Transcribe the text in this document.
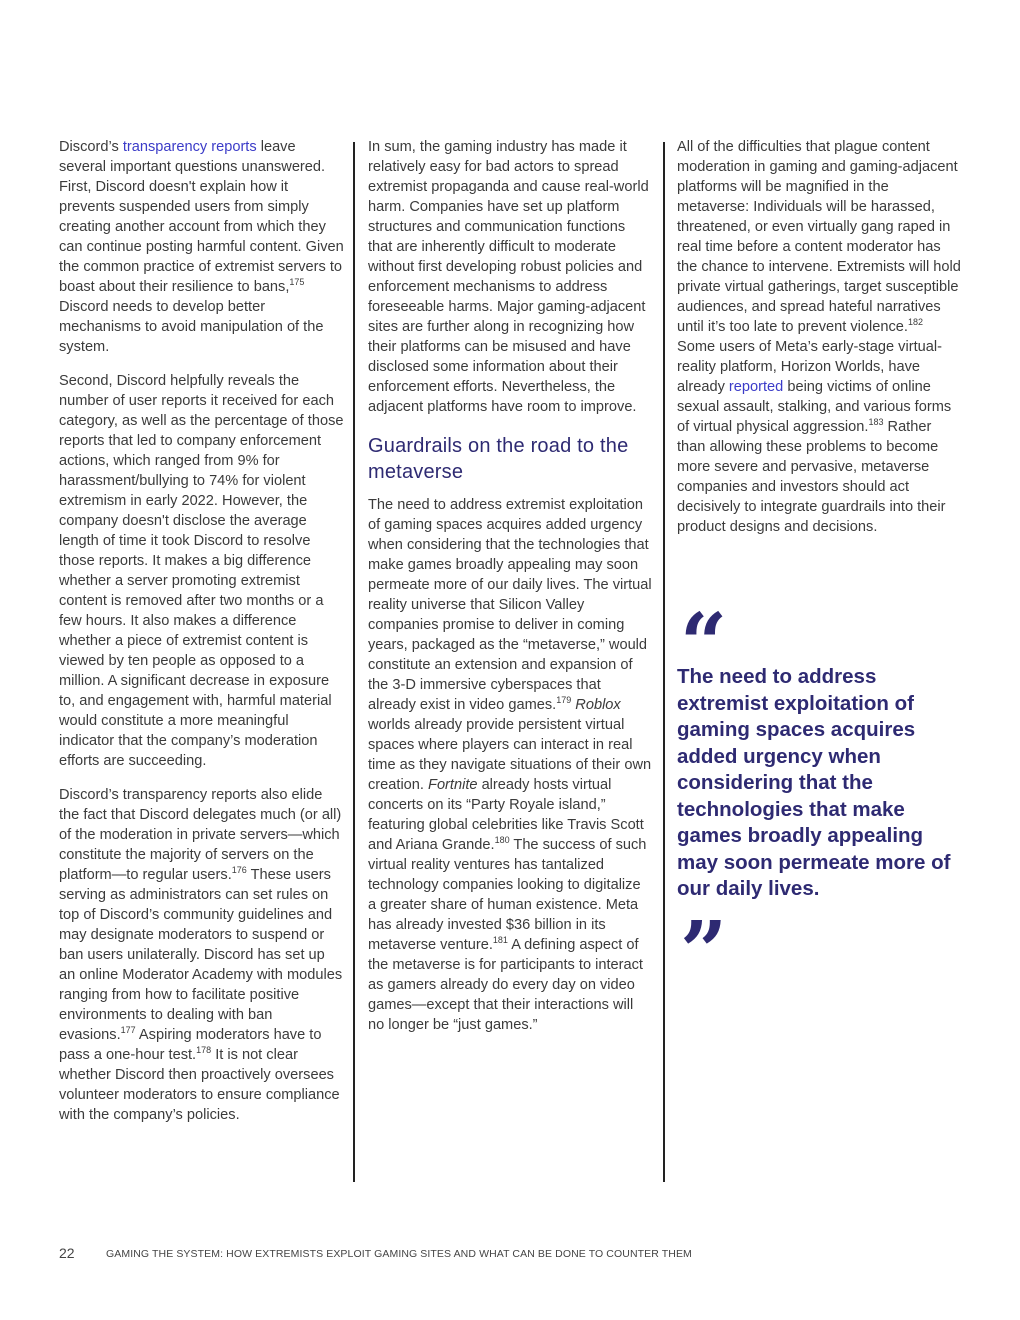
Discord’s transparency reports leave several important questions unanswered. First, Discord doesn't explain how it prevents suspended users from simply creating another account from which they can continue posting harmful content. Given the common practice of extremist servers to boast about their resilience to bans,$^{175}$ Discord needs to develop better mechanisms to avoid manipulation of the system.

Second, Discord helpfully reveals the number of user reports it received for each category, as well as the percentage of those reports that led to company enforcement actions, which ranged from 9% for harassment/bullying to 74% for violent extremism in early 2022. However, the company doesn't disclose the average length of time it took Discord to resolve those reports. It makes a big difference whether a server promoting extremist content is removed after two months or a few hours. It also makes a difference whether a piece of extremist content is viewed by ten people as opposed to a million. A significant decrease in exposure to, and engagement with, harmful material would constitute a more meaningful indicator that the company’s moderation efforts are succeeding.

Discord’s transparency reports also elide the fact that Discord delegates much (or all) of the moderation in private servers—which constitute the majority of servers on the platform—to regular users.$^{176}$ These users serving as administrators can set rules on top of Discord’s community guidelines and may designate moderators to suspend or ban users unilaterally. Discord has set up an online Moderator Academy with modules ranging from how to facilitate positive environments to dealing with ban evasions.$^{177}$ Aspiring moderators have to pass a one-hour test.$^{178}$ It is not clear whether Discord then proactively oversees volunteer moderators to ensure compliance with the company’s policies.

In sum, the gaming industry has made it relatively easy for bad actors to spread extremist propaganda and cause real-world harm. Companies have set up platform structures and communication functions that are inherently difficult to moderate without first developing robust policies and enforcement mechanisms to address foreseeable harms. Major gaming-adjacent sites are further along in recognizing how their platforms can be misused and have disclosed some information about their enforcement efforts. Nevertheless, the adjacent platforms have room to improve.

Guardrails on the road to the metaverse

The need to address extremist exploitation of gaming spaces acquires added urgency when considering that the technologies that make games broadly appealing may soon permeate more of our daily lives. The virtual reality universe that Silicon Valley companies promise to deliver in coming years, packaged as the “metaverse,” would constitute an extension and expansion of the 3-D immersive cyberspaces that already exist in video games.$^{179}$ Roblox worlds already provide persistent virtual spaces where players can interact in real time as they navigate situations of their own creation. Fortnite already hosts virtual concerts on its “Party Royale island,” featuring global celebrities like Travis Scott and Ariana Grande.$^{180}$ The success of such virtual reality ventures has tantalized technology companies looking to digitalize a greater share of human existence. Meta has already invested $36 billion in its metaverse venture.$^{181}$ A defining aspect of the metaverse is for participants to interact as gamers already do every day on video games—except that their interactions will no longer be “just games.”

All of the difficulties that plague content moderation in gaming and gaming-adjacent platforms will be magnified in the metaverse: Individuals will be harassed, threatened, or even virtually gang raped in real time before a content moderator has the chance to intervene. Extremists will hold private virtual gatherings, target susceptible audiences, and spread hateful narratives until it’s too late to prevent violence.$^{182}$ Some users of Meta’s early-stage virtual-reality platform, Horizon Worlds, have already reported being victims of online sexual assault, stalking, and various forms of virtual physical aggression.$^{183}$ Rather than allowing these problems to become more severe and pervasive, metaverse companies and investors should act decisively to integrate guardrails into their product designs and decisions.

“
The need to address extremist exploitation of gaming spaces acquires added urgency when considering that the technologies that make games broadly appealing may soon permeate more of our daily lives.
”
22	GAMING THE SYSTEM: HOW EXTREMISTS EXPLOIT GAMING SITES AND WHAT CAN BE DONE TO COUNTER THEM
